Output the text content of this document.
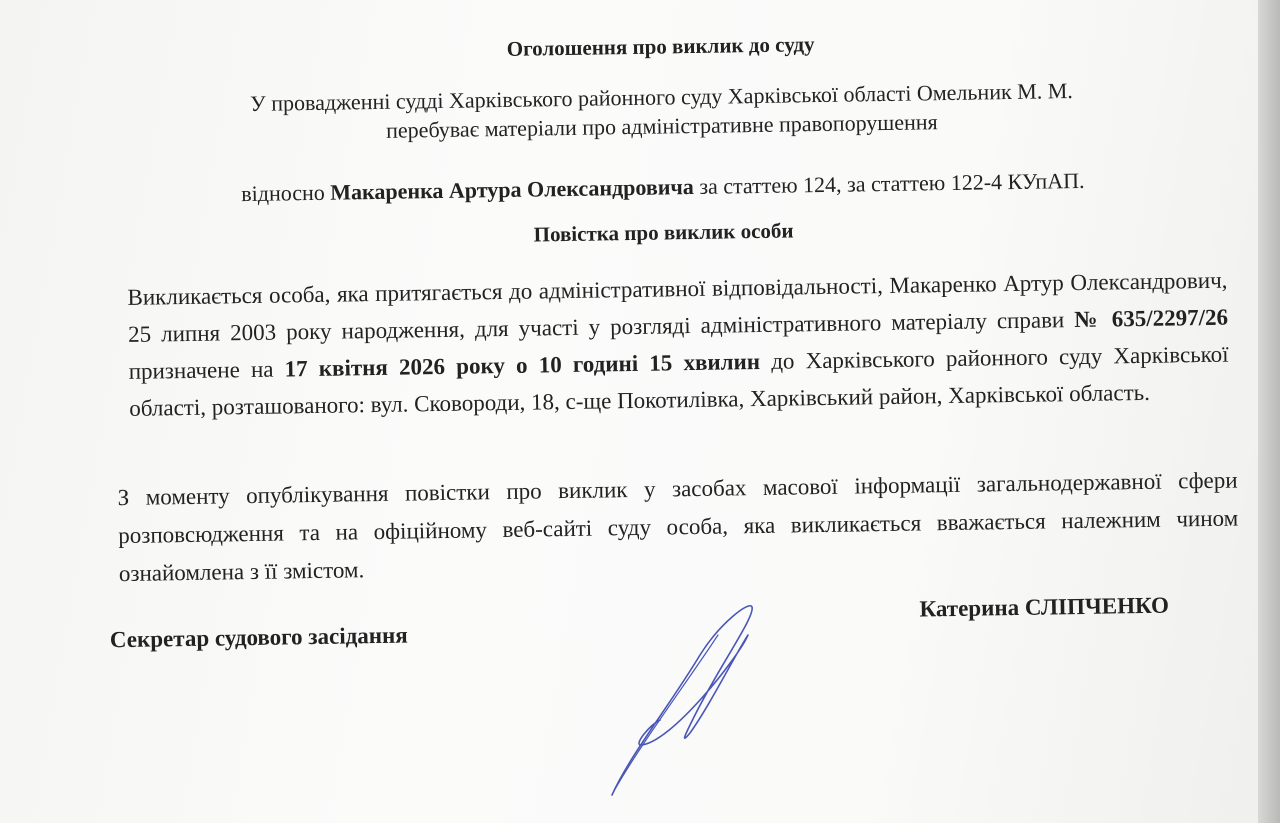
Оголошення про виклик до суду
У провадженні судді Харківського районного суду Харківської області Омельник М. М.
перебуває матеріали про адміністративне правопорушення
відносно Макаренка Артура Олександровича за статтею 124, за статтею 122-4 КУпАП.
Повістка про виклик особи
Викликається особа, яка притягається до адміністративної відповідальності, Макаренко Артур Олександрович, 25 липня 2003 року народження, для участі у розгляді адміністративного матеріалу справи № 635/2297/26 призначене на 17 квітня 2026 року о 10 годині 15 хвилин до Харківського районного суду Харківської області, розташованого: вул. Сковороди, 18, с-ще Покотилівка, Харківський район, Харківської область.
З моменту опублікування повістки про виклик у засобах масової інформації загальнодержавної сфери розповсюдження та на офіційному веб-сайті суду особа, яка викликається вважається належним чином ознайомлена з її змістом.
Секретар судового засідання
Катерина СЛІПЧЕНКО
